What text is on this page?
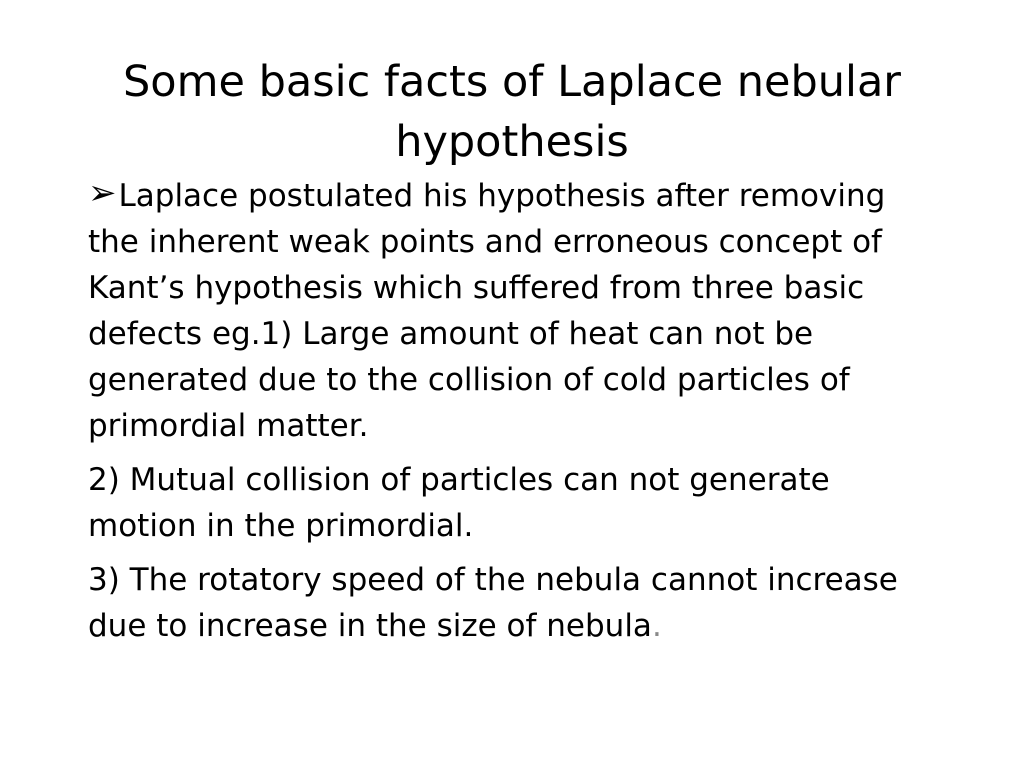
Some basic facts of Laplace nebular hypothesis

➢Laplace postulated his hypothesis after removing the inherent weak points and erroneous concept of Kant’s hypothesis which suffered from three basic defects eg.1) Large amount of heat can not be generated due to the collision of cold particles of primordial matter.

2) Mutual collision of particles can not generate motion in the primordial.

3) The rotatory speed of the nebula cannot increase due to increase in the size of nebula.
